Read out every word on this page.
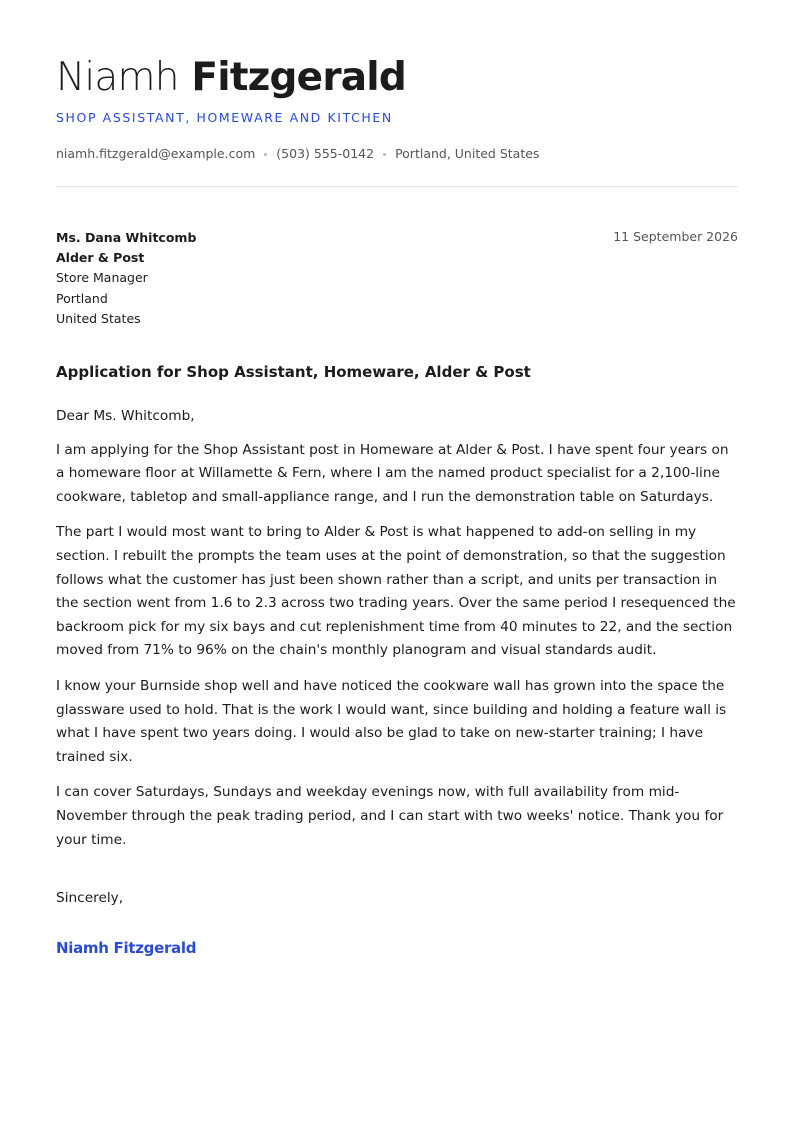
Niamh Fitzgerald
SHOP ASSISTANT, HOMEWARE AND KITCHEN
niamh.fitzgerald@example.com (503) 555-0142 Portland, United States
Ms. Dana Whitcomb
Alder & Post
Store Manager
Portland
United States
11 September 2026
Application for Shop Assistant, Homeware, Alder & Post

Dear Ms. Whitcomb,

I am applying for the Shop Assistant post in Homeware at Alder & Post. I have spent four years on a homeware floor at Willamette & Fern, where I am the named product specialist for a 2,100-line cookware, tabletop and small-appliance range, and I run the demonstration table on Saturdays.

The part I would most want to bring to Alder & Post is what happened to add-on selling in my section. I rebuilt the prompts the team uses at the point of demonstration, so that the suggestion follows what the customer has just been shown rather than a script, and units per transaction in the section went from 1.6 to 2.3 across two trading years. Over the same period I resequenced the backroom pick for my six bays and cut replenishment time from 40 minutes to 22, and the section moved from 71% to 96% on the chain's monthly planogram and visual standards audit.

I know your Burnside shop well and have noticed the cookware wall has grown into the space the glassware used to hold. That is the work I would want, since building and holding a feature wall is what I have spent two years doing. I would also be glad to take on new-starter training; I have trained six.

I can cover Saturdays, Sundays and weekday evenings now, with full availability from mid-November through the peak trading period, and I can start with two weeks' notice. Thank you for your time.

Sincerely,
Niamh Fitzgerald
